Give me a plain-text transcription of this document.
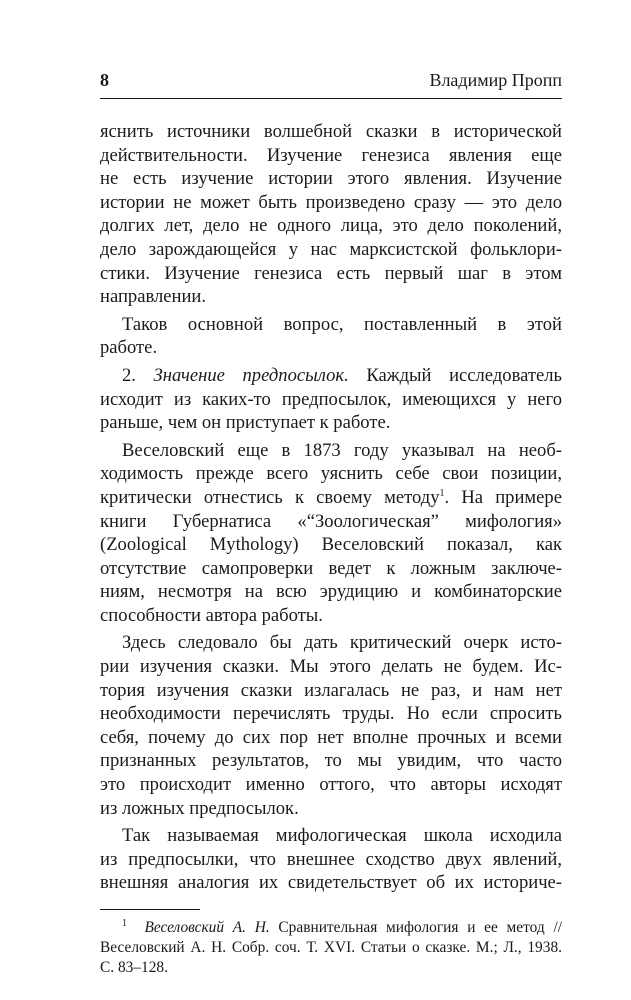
8	Владимир Пропп
яснить источники волшебной сказки в исторической
действительности. Изучение генезиса явления еще
не есть изучение истории этого явления. Изучение
истории не может быть произведено сразу — это дело
долгих лет, дело не одного лица, это дело поколений,
дело зарождающейся у нас марксистской фольклори-
стики. Изучение генезиса есть первый шаг в этом
направлении.
Таков основной вопрос, поставленный в этой
работе.
2. Значение предпосылок. Каждый исследователь
исходит из каких-то предпосылок, имеющихся у него
раньше, чем он приступает к работе.
Веселовский еще в 1873 году указывал на необ-
ходимость прежде всего уяснить себе свои позиции,
критически отнестись к своему методу$^1$. На примере
книги Губернатиса «“Зоологическая” мифология»
(Zoological Mythology) Веселовский показал, как
отсутствие самопроверки ведет к ложным заключе-
ниям, несмотря на всю эрудицию и комбинаторские
способности автора работы.
Здесь следовало бы дать критический очерк исто-
рии изучения сказки. Мы этого делать не будем. Ис-
тория изучения сказки излагалась не раз, и нам нет
необходимости перечислять труды. Но если спросить
себя, почему до сих пор нет вполне прочных и всеми
признанных результатов, то мы увидим, что часто
это происходит именно оттого, что авторы исходят
из ложных предпосылок.
Так называемая мифологическая школа исходила
из предпосылки, что внешнее сходство двух явлений,
внешняя аналогия их свидетельствует об их историче-
$^1$ Веселовский А. Н. Сравнительная мифология и ее метод //
Веселовский А. Н. Собр. соч. Т. XVI. Статьи о сказке. М.; Л., 1938.
С. 83–128.
